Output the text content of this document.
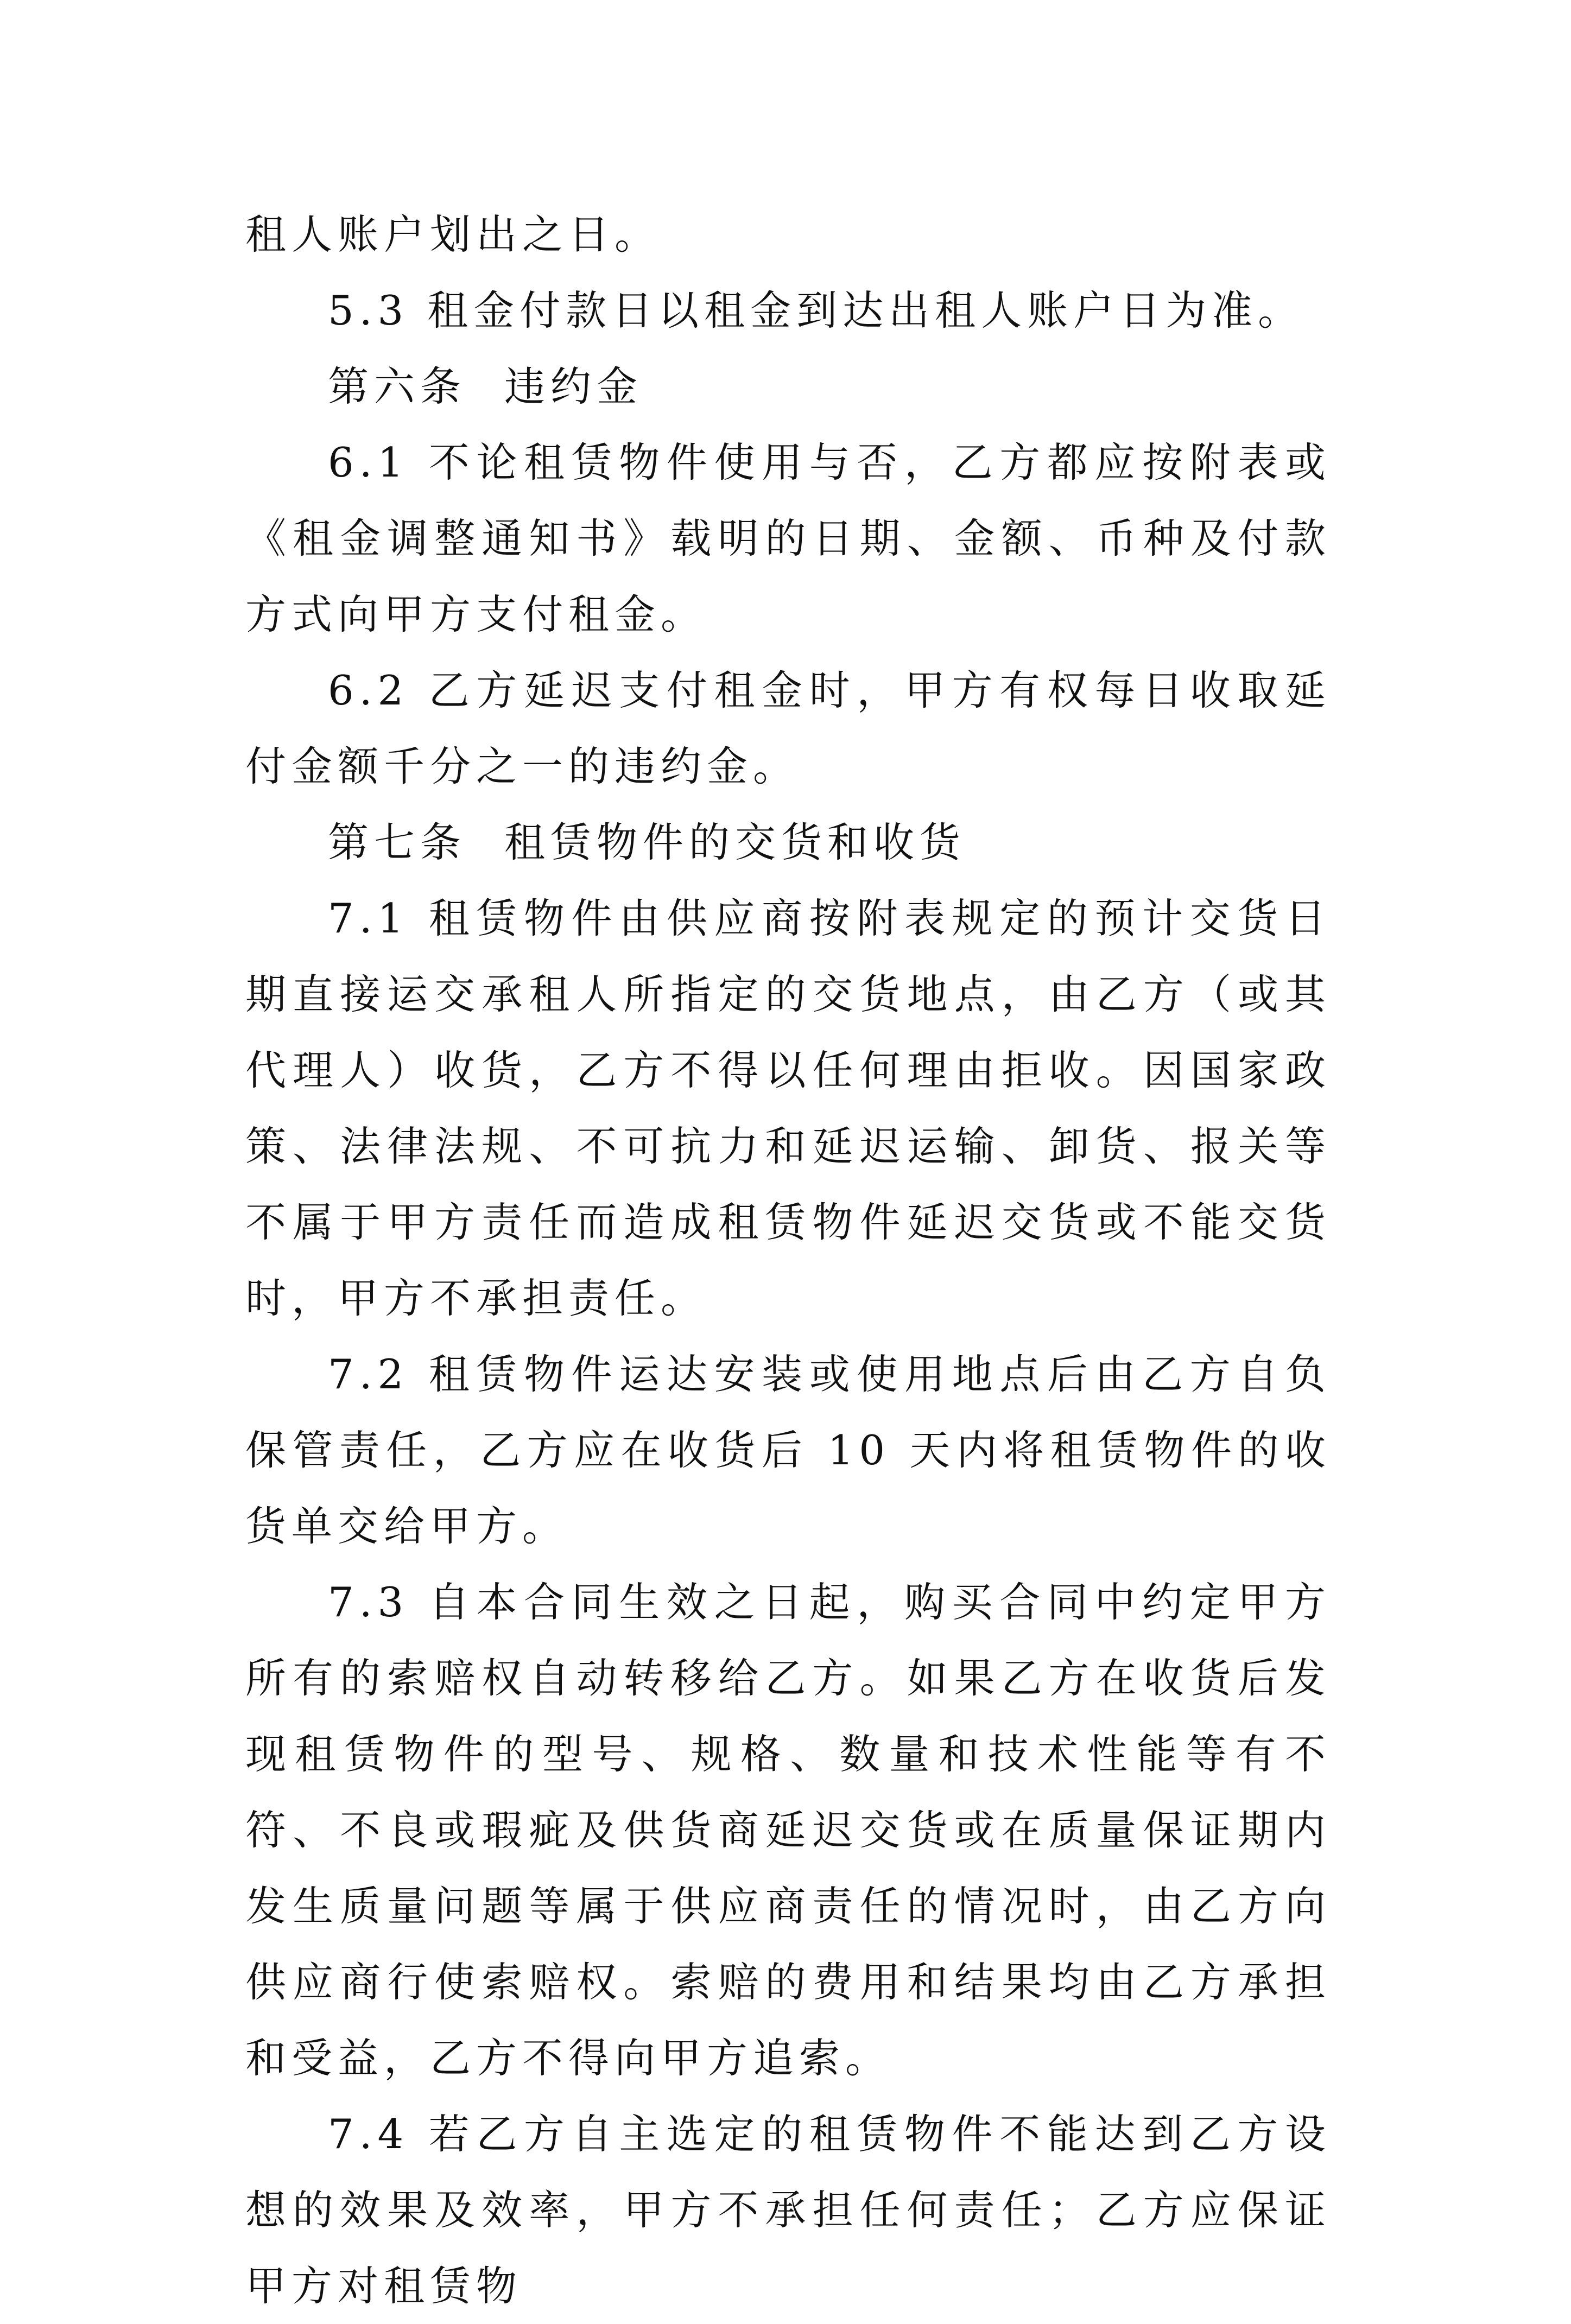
租人账户划出之日。

5.3 租金付款日以租金到达出租人账户日为准。

第六条 违约金

6.1 不论租赁物件使用与否，乙方都应按附表或《租金调整通知书》载明的日期、金额、币种及付款方式向甲方支付租金。

6.2 乙方延迟支付租金时，甲方有权每日收取延付金额千分之一的违约金。

第七条 租赁物件的交货和收货

7.1 租赁物件由供应商按附表规定的预计交货日期直接运交承租人所指定的交货地点，由乙方（或其代理人）收货，乙方不得以任何理由拒收。因国家政策、法律法规、不可抗力和延迟运输、卸货、报关等不属于甲方责任而造成租赁物件延迟交货或不能交货时，甲方不承担责任。

7.2 租赁物件运达安装或使用地点后由乙方自负保管责任，乙方应在收货后 10 天内将租赁物件的收货单交给甲方。

7.3 自本合同生效之日起，购买合同中约定甲方所有的索赔权自动转移给乙方。如果乙方在收货后发现租赁物件的型号、规格、数量和技术性能等有不符、不良或瑕疵及供货商延迟交货或在质量保证期内发生质量问题等属于供应商责任的情况时，由乙方向供应商行使索赔权。索赔的费用和结果均由乙方承担和受益，乙方不得向甲方追索。

7.4 若乙方自主选定的租赁物件不能达到乙方设想的效果及效率，甲方不承担任何责任；乙方应保证甲方对租赁物
